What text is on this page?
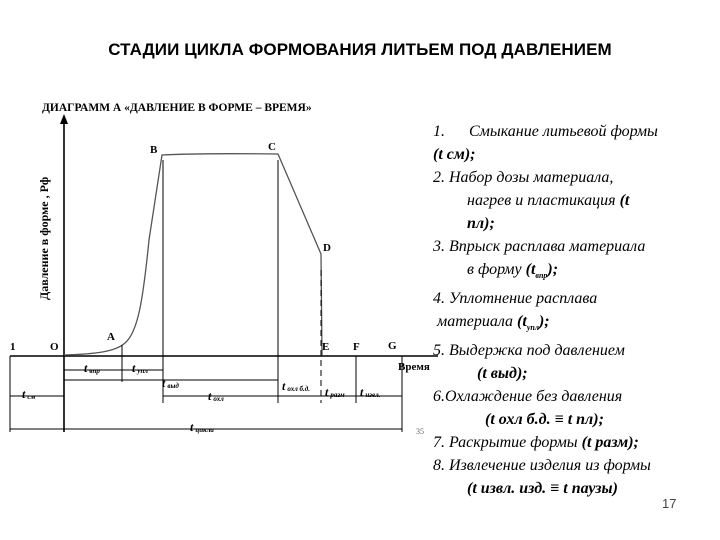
СТАДИИ ЦИКЛА ФОРМОВАНИЯ ЛИТЬЕМ ПОД ДАВЛЕНИЕМ
ДИАГРАММ А «ДАВЛЕНИЕ В ФОРМЕ – ВРЕМЯ»
Давление в форме , Рф
1
Время
O	E F	G
A
B	C
D
tвпр	tупл
tвыд	tохл б.д. tразм tизвл.
tохл
tсм
tцикла	35
1. Смыкание литьевой формы
(t см);
2. Набор дозы материала,
нагрев и пластикация (t
пл);
3. Впрыск расплава материала
в форму $(t_{впр})$;
4. Уплотнение расплава
материала $(t_{упл})$;
5. Выдержка под давлением
(t выд);
6.Охлаждение без давления
(t охл б.д. ≡ t пл);
7. Раскрытие формы (t разм);
8. Извлечение изделия из формы
(t извл. изд. ≡ t паузы)
17
